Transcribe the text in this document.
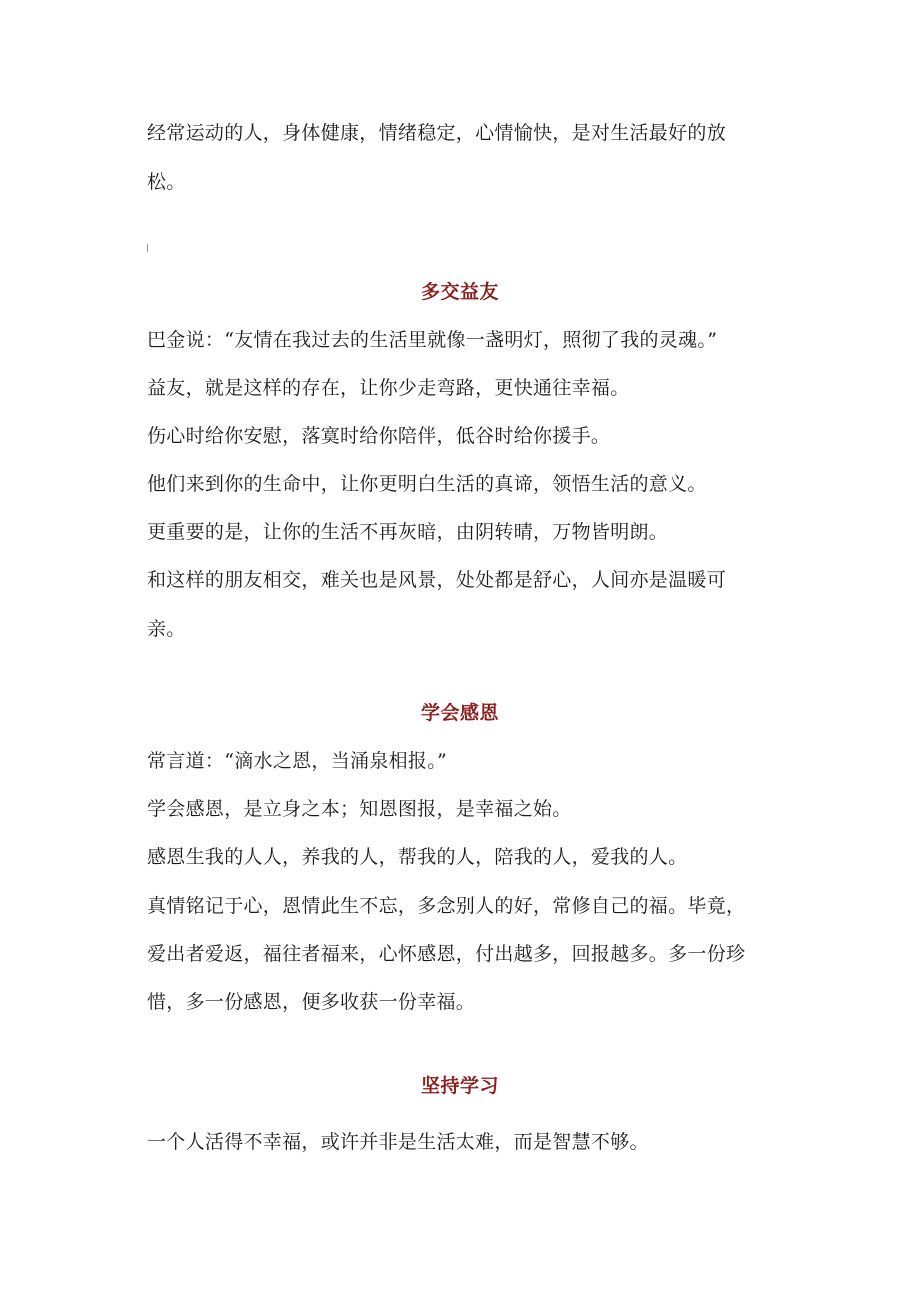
经常运动的人，身体健康，情绪稳定，心情愉快，是对生活最好的放
松。
多交益友
巴金说：“友情在我过去的生活里就像一盏明灯，照彻了我的灵魂。”
益友，就是这样的存在，让你少走弯路，更快通往幸福。
伤心时给你安慰，落寞时给你陪伴，低谷时给你援手。
他们来到你的生命中，让你更明白生活的真谛，领悟生活的意义。
更重要的是，让你的生活不再灰暗，由阴转晴，万物皆明朗。
和这样的朋友相交，难关也是风景，处处都是舒心，人间亦是温暖可
亲。
学会感恩
常言道：“滴水之恩，当涌泉相报。”
学会感恩，是立身之本；知恩图报，是幸福之始。
感恩生我的人人，养我的人，帮我的人，陪我的人，爱我的人。
真情铭记于心，恩情此生不忘，多念别人的好，常修自己的福。毕竟，
爱出者爱返，福往者福来，心怀感恩，付出越多，回报越多。多一份珍
惜，多一份感恩，便多收获一份幸福。
坚持学习
一个人活得不幸福，或许并非是生活太难，而是智慧不够。
